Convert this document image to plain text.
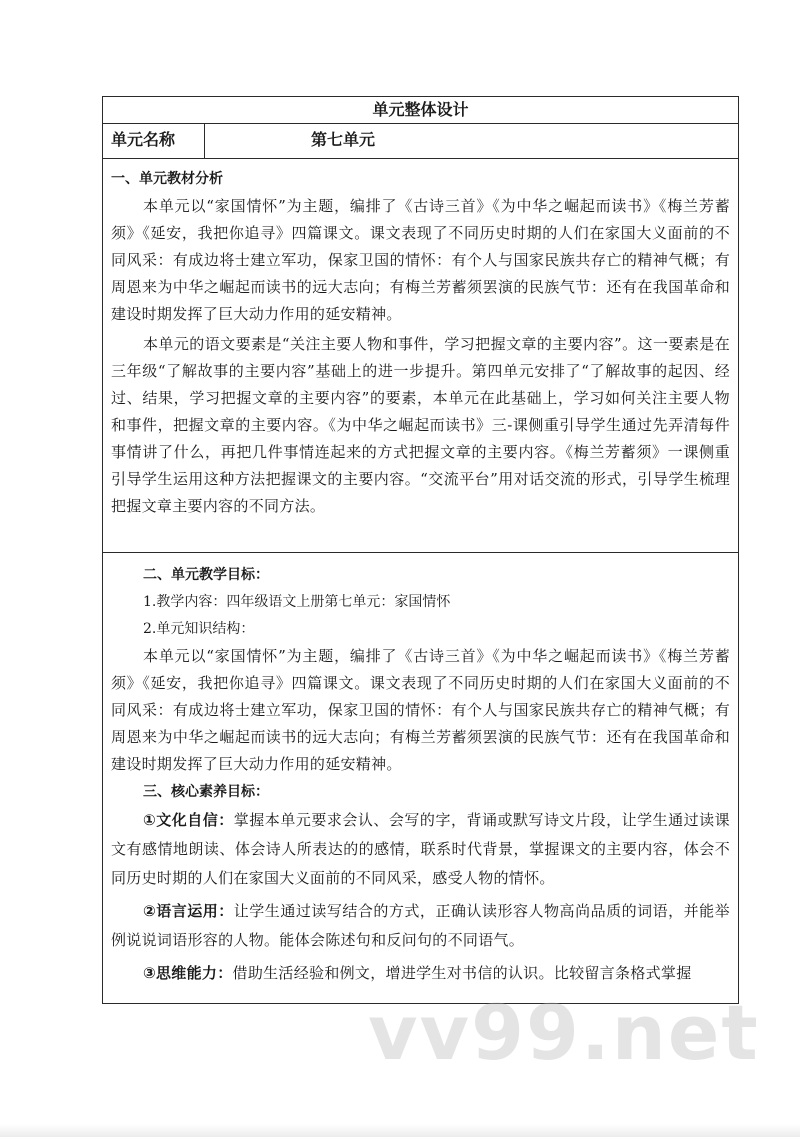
单元整体设计
单元名称	第七单元

一、单元教材分析

本单元以“家国情怀”为主题，编排了《古诗三首》《为中华之崛起而读书》《梅兰芳蓄须》《延安，我把你追寻》四篇课文。课文表现了不同历史时期的人们在家国大义面前的不同风采：有成边将士建立军功，保家卫国的情怀：有个人与国家民族共存亡的精神气概；有周恩来为中华之崛起而读书的远大志向；有梅兰芳蓄须罢演的民族气节：还有在我国革命和建设时期发挥了巨大动力作用的延安精神。

本单元的语文要素是“关注主要人物和事件，学习把握文章的主要内容”。这一要素是在三年级“了解故事的主要内容”基础上的进一步提升。第四单元安排了“了解故事的起因、经过、结果，学习把握文章的主要内容”的要素，本单元在此基础上，学习如何关注主要人物和事件，把握文章的主要内容。《为中华之崛起而读书》三-课侧重引导学生通过先弄清每件事情讲了什么，再把几件事情连起来的方式把握文章的主要内容。《梅兰芳蓄须》一课侧重引导学生运用这种方法把握课文的主要内容。“交流平台”用对话交流的形式，引导学生梳理把握文章主要内容的不同方法。

二、单元教学目标：

1.教学内容：四年级语文上册第七单元：家国情怀

2.单元知识结构：

本单元以“家国情怀”为主题，编排了《古诗三首》《为中华之崛起而读书》《梅兰芳蓄须》《延安，我把你追寻》四篇课文。课文表现了不同历史时期的人们在家国大义面前的不同风采：有成边将士建立军功，保家卫国的情怀：有个人与国家民族共存亡的精神气概；有周恩来为中华之崛起而读书的远大志向；有梅兰芳蓄须罢演的民族气节：还有在我国革命和建设时期发挥了巨大动力作用的延安精神。

三、核心素养目标：

①文化自信：掌握本单元要求会认、会写的字，背诵或默写诗文片段，让学生通过读课文有感情地朗读、体会诗人所表达的的感情，联系时代背景，掌握课文的主要内容，体会不同历史时期的人们在家国大义面前的不同风采，感受人物的情怀。

②语言运用：让学生通过读写结合的方式，正确认读形容人物高尚品质的词语，并能举例说说词语形容的人物。能体会陈述句和反问句的不同语气。

③思维能力：借助生活经验和例文，增进学生对书信的认识。比较留言条格式掌握

vv99.net
